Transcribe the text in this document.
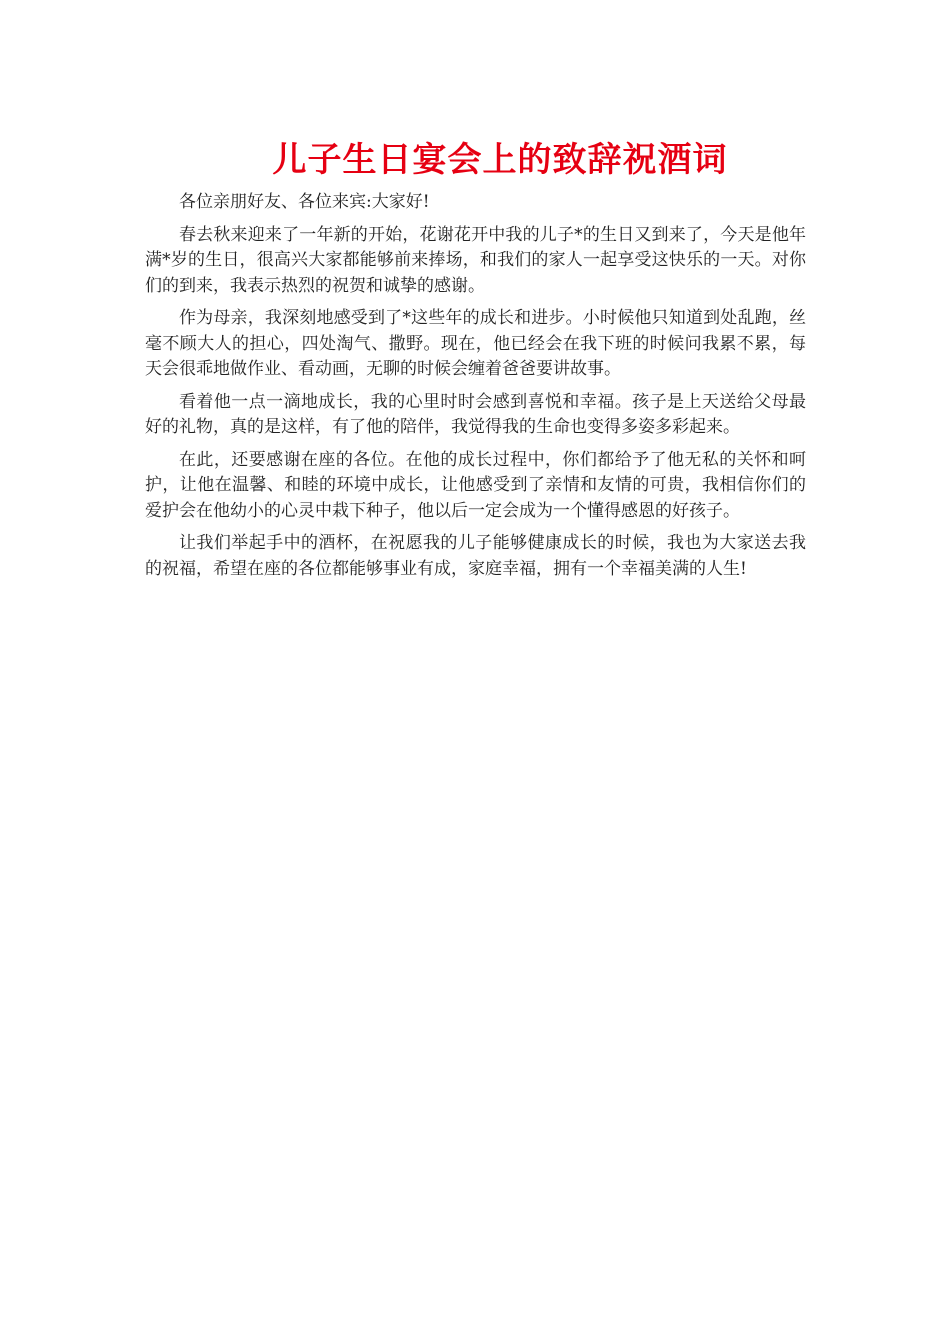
儿子生日宴会上的致辞祝酒词

各位亲朋好友、各位来宾:大家好!

春去秋来迎来了一年新的开始，花谢花开中我的儿子*的生日又到来了，今天是他年满*岁的生日，很高兴大家都能够前来捧场，和我们的家人一起享受这快乐的一天。对你们的到来，我表示热烈的祝贺和诚挚的感谢。

作为母亲，我深刻地感受到了*这些年的成长和进步。小时候他只知道到处乱跑，丝毫不顾大人的担心，四处淘气、撒野。现在，他已经会在我下班的时候问我累不累，每天会很乖地做作业、看动画，无聊的时候会缠着爸爸要讲故事。

看着他一点一滴地成长，我的心里时时会感到喜悦和幸福。孩子是上天送给父母最好的礼物，真的是这样，有了他的陪伴，我觉得我的生命也变得多姿多彩起来。

在此，还要感谢在座的各位。在他的成长过程中，你们都给予了他无私的关怀和呵护，让他在温馨、和睦的环境中成长，让他感受到了亲情和友情的可贵，我相信你们的爱护会在他幼小的心灵中栽下种子，他以后一定会成为一个懂得感恩的好孩子。

让我们举起手中的酒杯，在祝愿我的儿子能够健康成长的时候，我也为大家送去我的祝福，希望在座的各位都能够事业有成，家庭幸福，拥有一个幸福美满的人生!
